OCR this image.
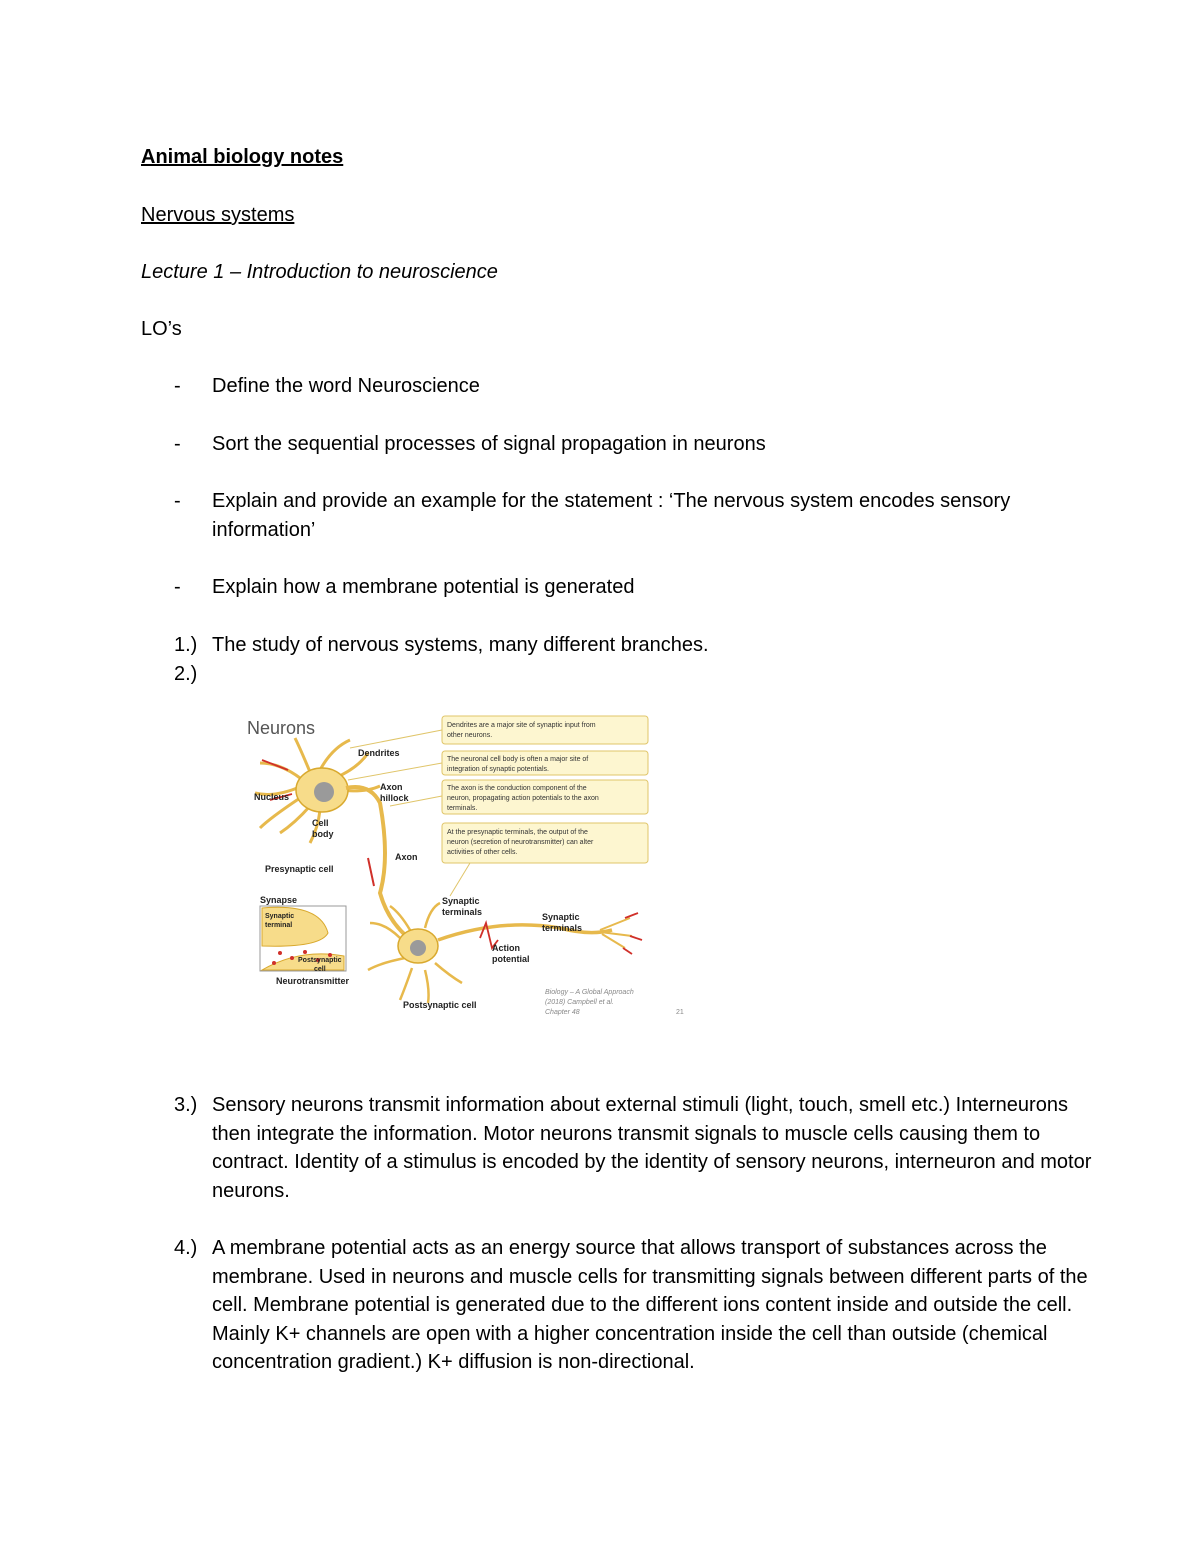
Animal biology notes
Nervous systems
Lecture 1 – Introduction to neuroscience
LO’s
- Define the word Neuroscience
- Sort the sequential processes of signal propagation in neurons
- Explain and provide an example for the statement : ‘The nervous system encodes sensory information’
- Explain how a membrane potential is generated
1.) The study of nervous systems, many different branches.
2.)
Neurons
Dendrites
Nucleus
Axon
hillock
Cell
body
Axon
Presynaptic cell
Synapse
Synaptic
terminal
Postsynaptic
cell
Neurotransmitter
Synaptic
terminals	Synaptic
terminals
Action
potential
Postsynaptic cell
Dendrites are a major site of synaptic input from
other neurons.
The neuronal cell body is often a major site of
integration of synaptic potentials.
The axon is the conduction component of the
neuron, propagating action potentials to the axon
terminals.
At the presynaptic terminals, the output of the
neuron (secretion of neurotransmitter) can alter
activities of other cells.
Biology – A Global Approach
(2018) Campbell et al.
Chapter 48	21
3.) Sensory neurons transmit information about external stimuli (light, touch, smell etc.) Interneurons then integrate the information. Motor neurons transmit signals to muscle cells causing them to contract. Identity of a stimulus is encoded by the identity of sensory neurons, interneuron and motor neurons.
4.) A membrane potential acts as an energy source that allows transport of substances across the membrane. Used in neurons and muscle cells for transmitting signals between different parts of the cell. Membrane potential is generated due to the different ions content inside and outside the cell. Mainly K+ channels are open with a higher concentration inside the cell than outside (chemical concentration gradient.) K+ diffusion is non-directional.
